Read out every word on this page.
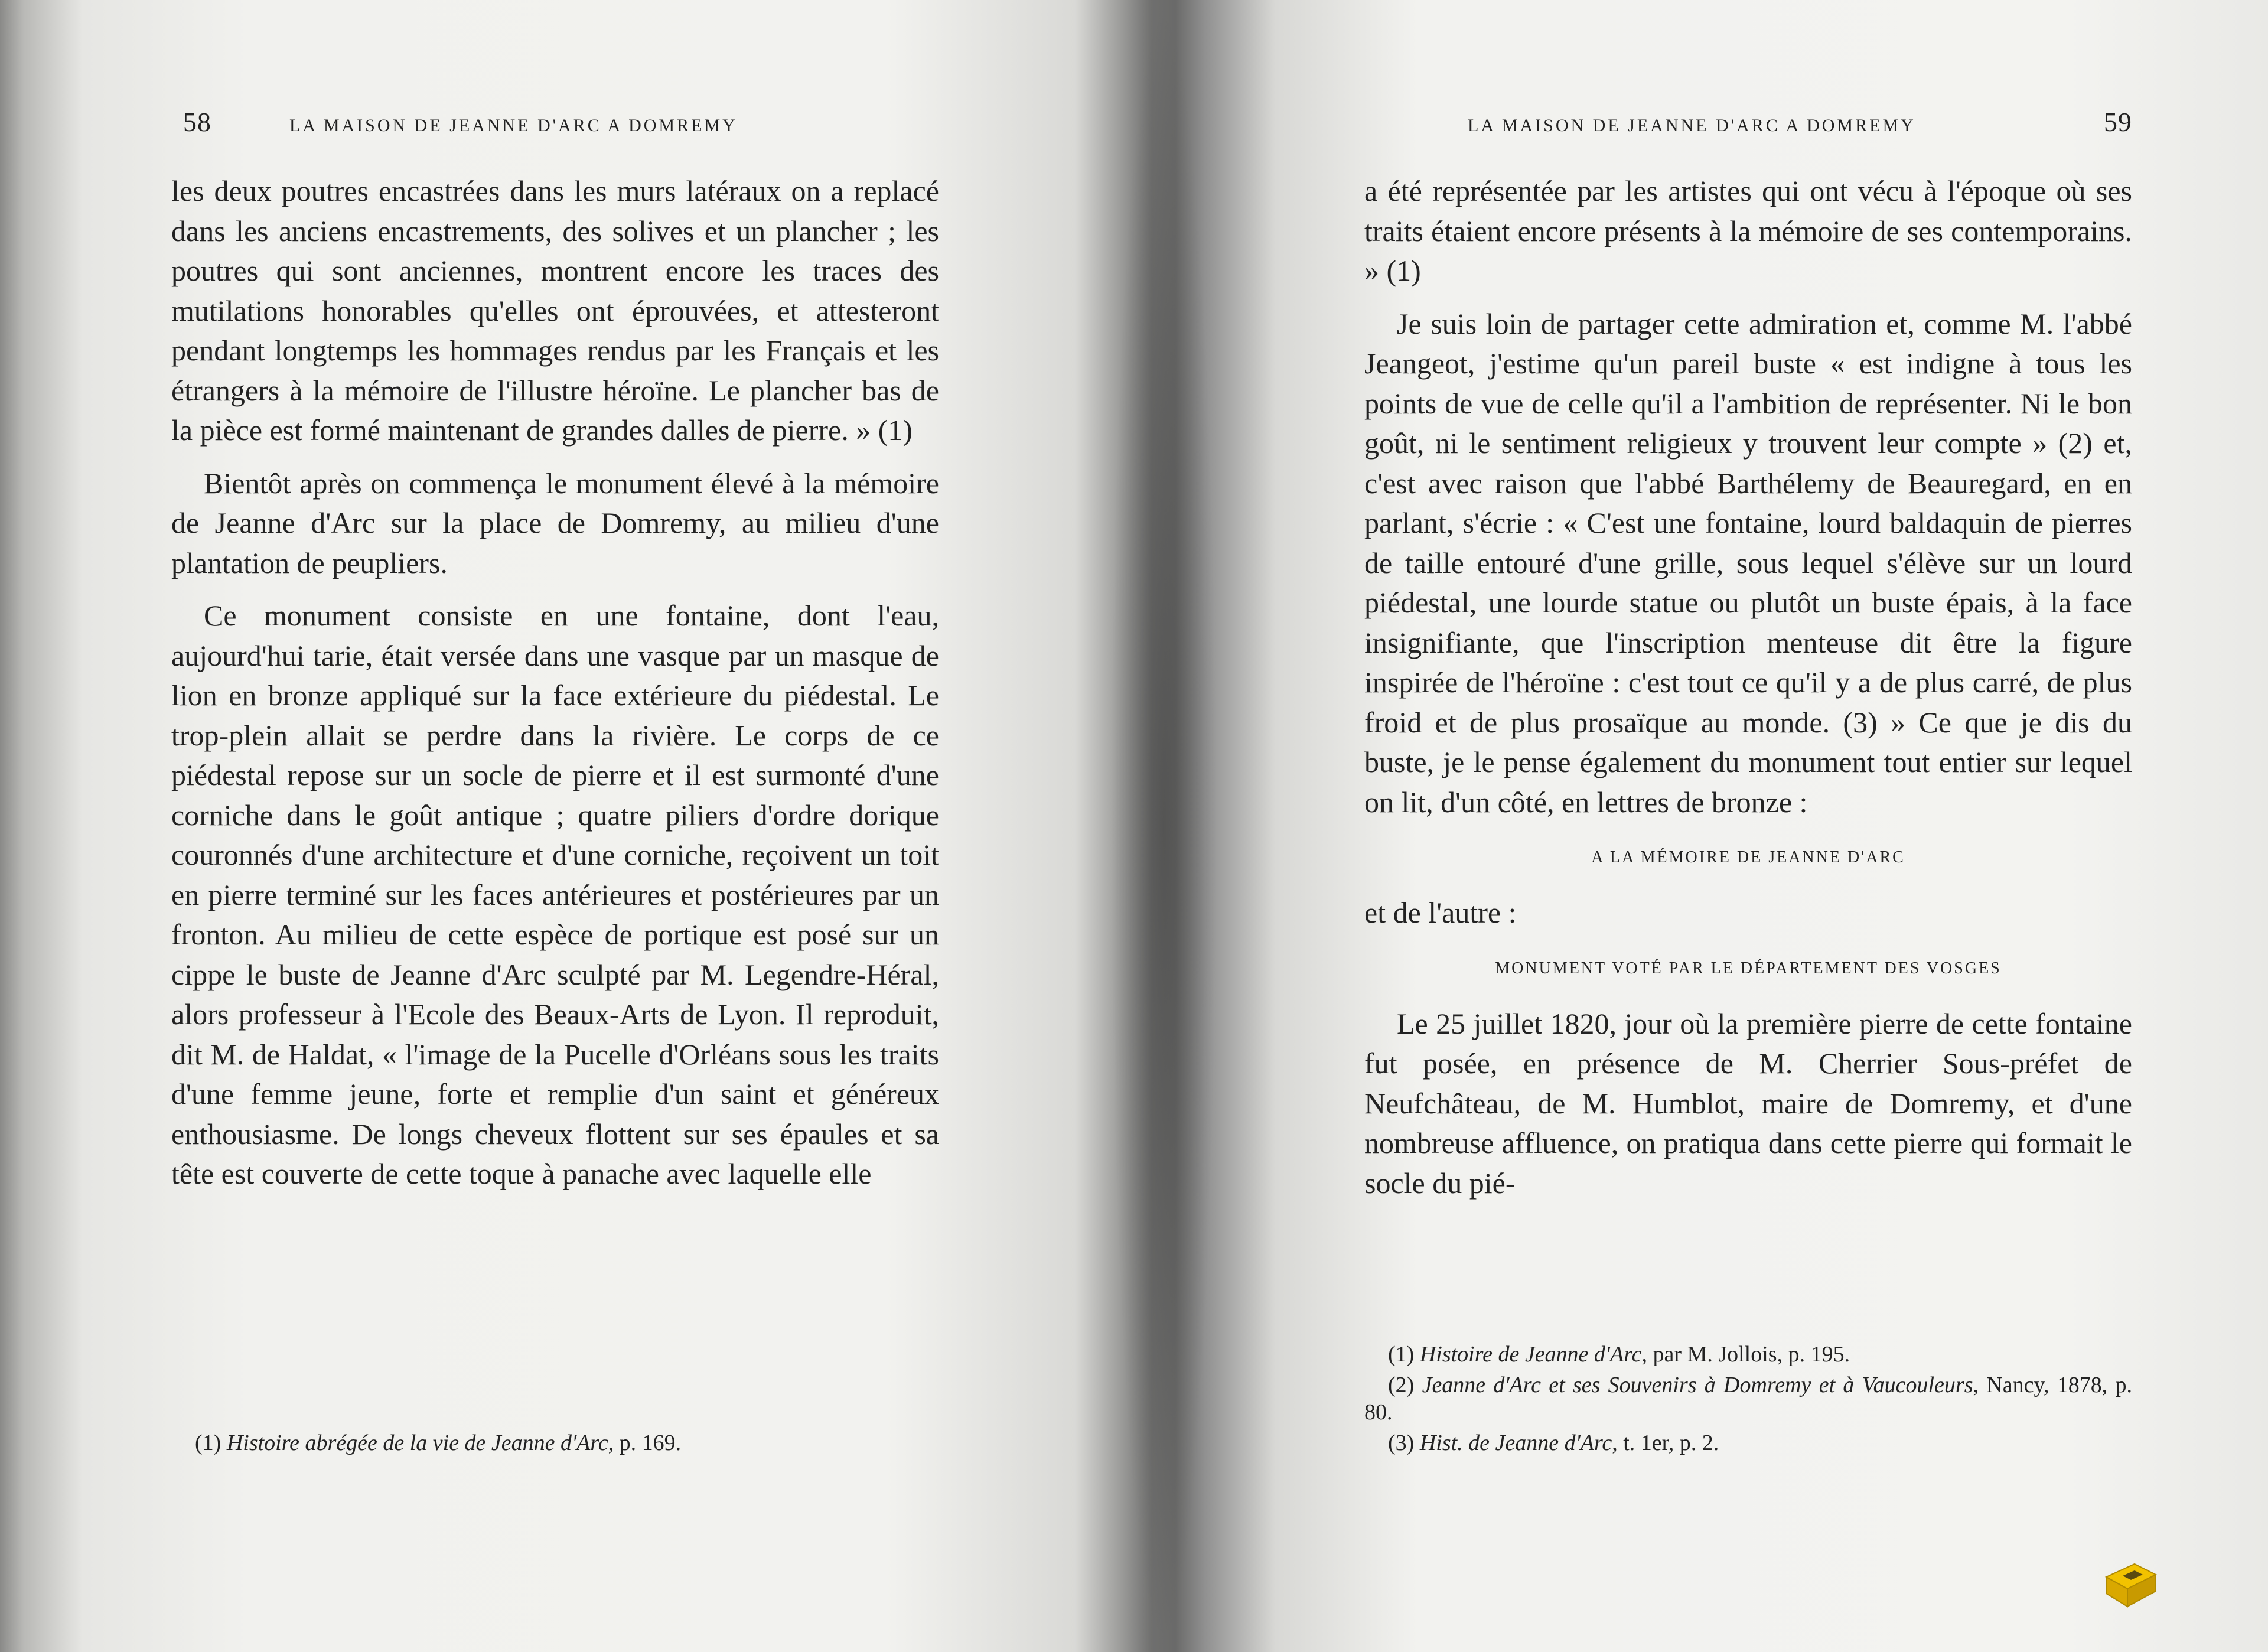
58	LA MAISON DE JEANNE D'ARC A DOMREMY

les deux poutres encastrées dans les murs latéraux on a replacé dans les anciens encastrements, des solives et un plancher ; les poutres qui sont anciennes, montrent encore les traces des mutilations honorables qu'elles ont éprouvées, et attesteront pendant longtemps les hommages rendus par les Français et les étrangers à la mémoire de l'illustre héroïne. Le plancher bas de la pièce est formé maintenant de grandes dalles de pierre. » (1)

Bientôt après on commença le monument élevé à la mémoire de Jeanne d'Arc sur la place de Domremy, au milieu d'une plantation de peupliers.

Ce monument consiste en une fontaine, dont l'eau, aujourd'hui tarie, était versée dans une vasque par un masque de lion en bronze appliqué sur la face extérieure du piédestal. Le trop-plein allait se perdre dans la rivière. Le corps de ce piédestal repose sur un socle de pierre et il est surmonté d'une corniche dans le goût antique ; quatre piliers d'ordre dorique couronnés d'une architecture et d'une corniche, reçoivent un toit en pierre terminé sur les faces antérieures et postérieures par un fronton. Au milieu de cette espèce de portique est posé sur un cippe le buste de Jeanne d'Arc sculpté par M. Legendre-Héral, alors professeur à l'Ecole des Beaux-Arts de Lyon. Il reproduit, dit M. de Haldat, « l'image de la Pucelle d'Orléans sous les traits d'une femme jeune, forte et remplie d'un saint et généreux enthousiasme. De longs cheveux flottent sur ses épaules et sa tête est couverte de cette toque à panache avec laquelle elle

(1) Histoire abrégée de la vie de Jeanne d'Arc, p. 169.

LA MAISON DE JEANNE D'ARC A DOMREMY	59

a été représentée par les artistes qui ont vécu à l'époque où ses traits étaient encore présents à la mémoire de ses contemporains. » (1)

Je suis loin de partager cette admiration et, comme M. l'abbé Jeangeot, j'estime qu'un pareil buste « est indigne à tous les points de vue de celle qu'il a l'ambition de représenter. Ni le bon goût, ni le sentiment religieux y trouvent leur compte » (2) et, c'est avec raison que l'abbé Barthélemy de Beauregard, en en parlant, s'écrie : « C'est une fontaine, lourd baldaquin de pierres de taille entouré d'une grille, sous lequel s'élève sur un lourd piédestal, une lourde statue ou plutôt un buste épais, à la face insignifiante, que l'inscription menteuse dit être la figure inspirée de l'héroïne : c'est tout ce qu'il y a de plus carré, de plus froid et de plus prosaïque au monde. (3) » Ce que je dis du buste, je le pense également du monument tout entier sur lequel on lit, d'un côté, en lettres de bronze :

A LA MÉMOIRE DE JEANNE D'ARC

et de l'autre :

MONUMENT VOTÉ PAR LE DÉPARTEMENT DES VOSGES

Le 25 juillet 1820, jour où la première pierre de cette fontaine fut posée, en présence de M. Cherrier Sous-préfet de Neufchâteau, de M. Humblot, maire de Domremy, et d'une nombreuse affluence, on pratiqua dans cette pierre qui formait le socle du pié-

(1) Histoire de Jeanne d'Arc, par M. Jollois, p. 195.

(2) Jeanne d'Arc et ses Souvenirs à Domremy et à Vaucouleurs, Nancy, 1878, p. 80.

(3) Hist. de Jeanne d'Arc, t. 1er, p. 2.
